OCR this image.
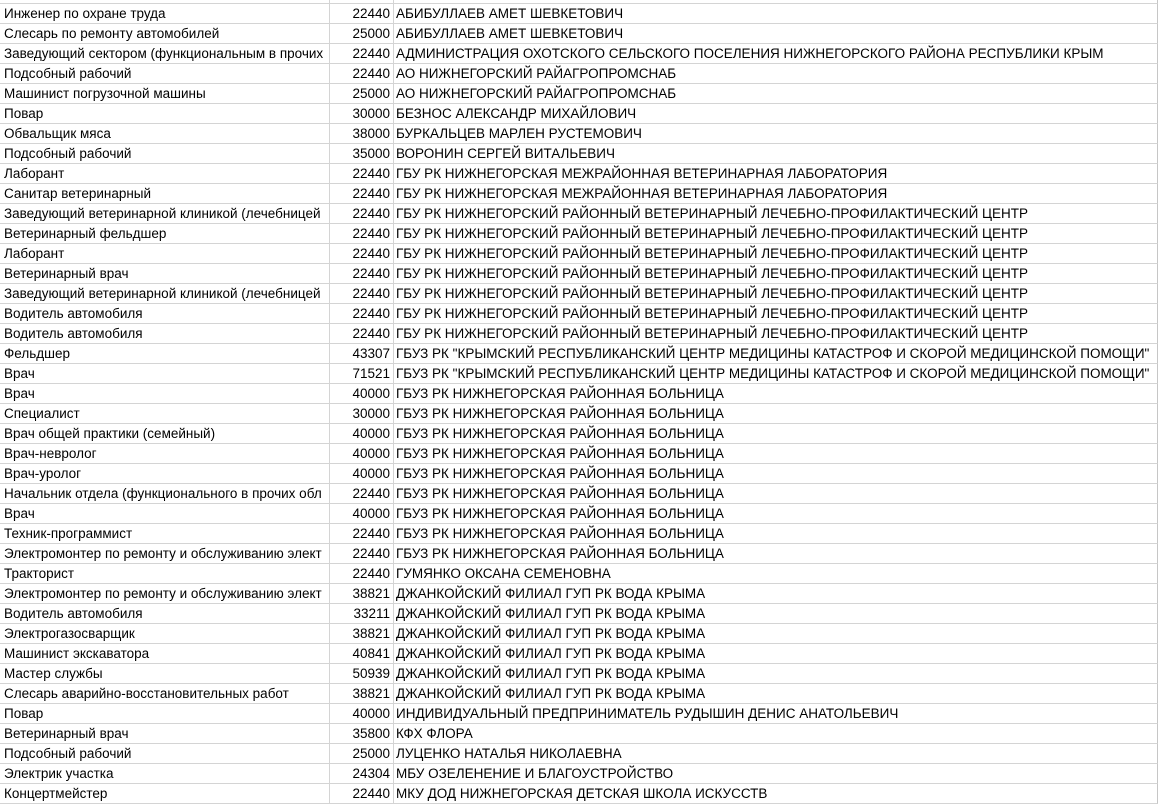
Инженер по охране труда	22440 АБИБУЛЛАЕВ АМЕТ ШЕВКЕТОВИЧ
Слесарь по ремонту автомобилей	25000 АБИБУЛЛАЕВ АМЕТ ШЕВКЕТОВИЧ
Заведующий сектором (функциональным в прочих	22440 АДМИНИСТРАЦИЯ ОХОТСКОГО СЕЛЬСКОГО ПОСЕЛЕНИЯ НИЖНЕГОРСКОГО РАЙОНА РЕСПУБЛИКИ КРЫМ
Подсобный рабочий	22440 АО НИЖНЕГОРСКИЙ РАЙАГРОПРОМСНАБ
Машинист погрузочной машины	25000 АО НИЖНЕГОРСКИЙ РАЙАГРОПРОМСНАБ
Повар	30000 БЕЗНОС АЛЕКСАНДР МИХАЙЛОВИЧ
Обвальщик мяса	38000 БУРКАЛЬЦЕВ МАРЛЕН РУСТЕМОВИЧ
Подсобный рабочий	35000 ВОРОНИН СЕРГЕЙ ВИТАЛЬЕВИЧ
Лаборант	22440 ГБУ РК НИЖНЕГОРСКАЯ МЕЖРАЙОННАЯ ВЕТЕРИНАРНАЯ ЛАБОРАТОРИЯ
Санитар ветеринарный	22440 ГБУ РК НИЖНЕГОРСКАЯ МЕЖРАЙОННАЯ ВЕТЕРИНАРНАЯ ЛАБОРАТОРИЯ
Заведующий ветеринарной клиникой (лечебницей	22440 ГБУ РК НИЖНЕГОРСКИЙ РАЙОННЫЙ ВЕТЕРИНАРНЫЙ ЛЕЧЕБНО-ПРОФИЛАКТИЧЕСКИЙ ЦЕНТР
Ветеринарный фельдшер	22440 ГБУ РК НИЖНЕГОРСКИЙ РАЙОННЫЙ ВЕТЕРИНАРНЫЙ ЛЕЧЕБНО-ПРОФИЛАКТИЧЕСКИЙ ЦЕНТР
Лаборант	22440 ГБУ РК НИЖНЕГОРСКИЙ РАЙОННЫЙ ВЕТЕРИНАРНЫЙ ЛЕЧЕБНО-ПРОФИЛАКТИЧЕСКИЙ ЦЕНТР
Ветеринарный врач	22440 ГБУ РК НИЖНЕГОРСКИЙ РАЙОННЫЙ ВЕТЕРИНАРНЫЙ ЛЕЧЕБНО-ПРОФИЛАКТИЧЕСКИЙ ЦЕНТР
Заведующий ветеринарной клиникой (лечебницей	22440 ГБУ РК НИЖНЕГОРСКИЙ РАЙОННЫЙ ВЕТЕРИНАРНЫЙ ЛЕЧЕБНО-ПРОФИЛАКТИЧЕСКИЙ ЦЕНТР
Водитель автомобиля	22440 ГБУ РК НИЖНЕГОРСКИЙ РАЙОННЫЙ ВЕТЕРИНАРНЫЙ ЛЕЧЕБНО-ПРОФИЛАКТИЧЕСКИЙ ЦЕНТР
Водитель автомобиля	22440 ГБУ РК НИЖНЕГОРСКИЙ РАЙОННЫЙ ВЕТЕРИНАРНЫЙ ЛЕЧЕБНО-ПРОФИЛАКТИЧЕСКИЙ ЦЕНТР
Фельдшер	43307 ГБУЗ РК "КРЫМСКИЙ РЕСПУБЛИКАНСКИЙ ЦЕНТР МЕДИЦИНЫ КАТАСТРОФ И СКОРОЙ МЕДИЦИНСКОЙ ПОМОЩИ"
Врач	71521 ГБУЗ РК "КРЫМСКИЙ РЕСПУБЛИКАНСКИЙ ЦЕНТР МЕДИЦИНЫ КАТАСТРОФ И СКОРОЙ МЕДИЦИНСКОЙ ПОМОЩИ"
Врач	40000 ГБУЗ РК НИЖНЕГОРСКАЯ РАЙОННАЯ БОЛЬНИЦА
Специалист	30000 ГБУЗ РК НИЖНЕГОРСКАЯ РАЙОННАЯ БОЛЬНИЦА
Врач общей практики (семейный)	40000 ГБУЗ РК НИЖНЕГОРСКАЯ РАЙОННАЯ БОЛЬНИЦА
Врач-невролог	40000 ГБУЗ РК НИЖНЕГОРСКАЯ РАЙОННАЯ БОЛЬНИЦА
Врач-уролог	40000 ГБУЗ РК НИЖНЕГОРСКАЯ РАЙОННАЯ БОЛЬНИЦА
Начальник отдела (функционального в прочих обл	22440 ГБУЗ РК НИЖНЕГОРСКАЯ РАЙОННАЯ БОЛЬНИЦА
Врач	40000 ГБУЗ РК НИЖНЕГОРСКАЯ РАЙОННАЯ БОЛЬНИЦА
Техник-программист	22440 ГБУЗ РК НИЖНЕГОРСКАЯ РАЙОННАЯ БОЛЬНИЦА
Электромонтер по ремонту и обслуживанию элект	22440 ГБУЗ РК НИЖНЕГОРСКАЯ РАЙОННАЯ БОЛЬНИЦА
Тракторист	22440 ГУМЯНКО ОКСАНА СЕМЕНОВНА
Электромонтер по ремонту и обслуживанию элект	38821 ДЖАНКОЙСКИЙ ФИЛИАЛ ГУП РК ВОДА КРЫМА
Водитель автомобиля	33211 ДЖАНКОЙСКИЙ ФИЛИАЛ ГУП РК ВОДА КРЫМА
Электрогазосварщик	38821 ДЖАНКОЙСКИЙ ФИЛИАЛ ГУП РК ВОДА КРЫМА
Машинист экскаватора	40841 ДЖАНКОЙСКИЙ ФИЛИАЛ ГУП РК ВОДА КРЫМА
Мастер службы	50939 ДЖАНКОЙСКИЙ ФИЛИАЛ ГУП РК ВОДА КРЫМА
Слесарь аварийно-восстановительных работ	38821 ДЖАНКОЙСКИЙ ФИЛИАЛ ГУП РК ВОДА КРЫМА
Повар	40000 ИНДИВИДУАЛЬНЫЙ ПРЕДПРИНИМАТЕЛЬ РУДЫШИН ДЕНИС АНАТОЛЬЕВИЧ
Ветеринарный врач	35800 КФХ ФЛОРА
Подсобный рабочий	25000 ЛУЦЕНКО НАТАЛЬЯ НИКОЛАЕВНА
Электрик участка	24304 МБУ ОЗЕЛЕНЕНИЕ И БЛАГОУСТРОЙСТВО
Концертмейстер	22440 МКУ ДОД НИЖНЕГОРСКАЯ ДЕТСКАЯ ШКОЛА ИСКУССТВ
